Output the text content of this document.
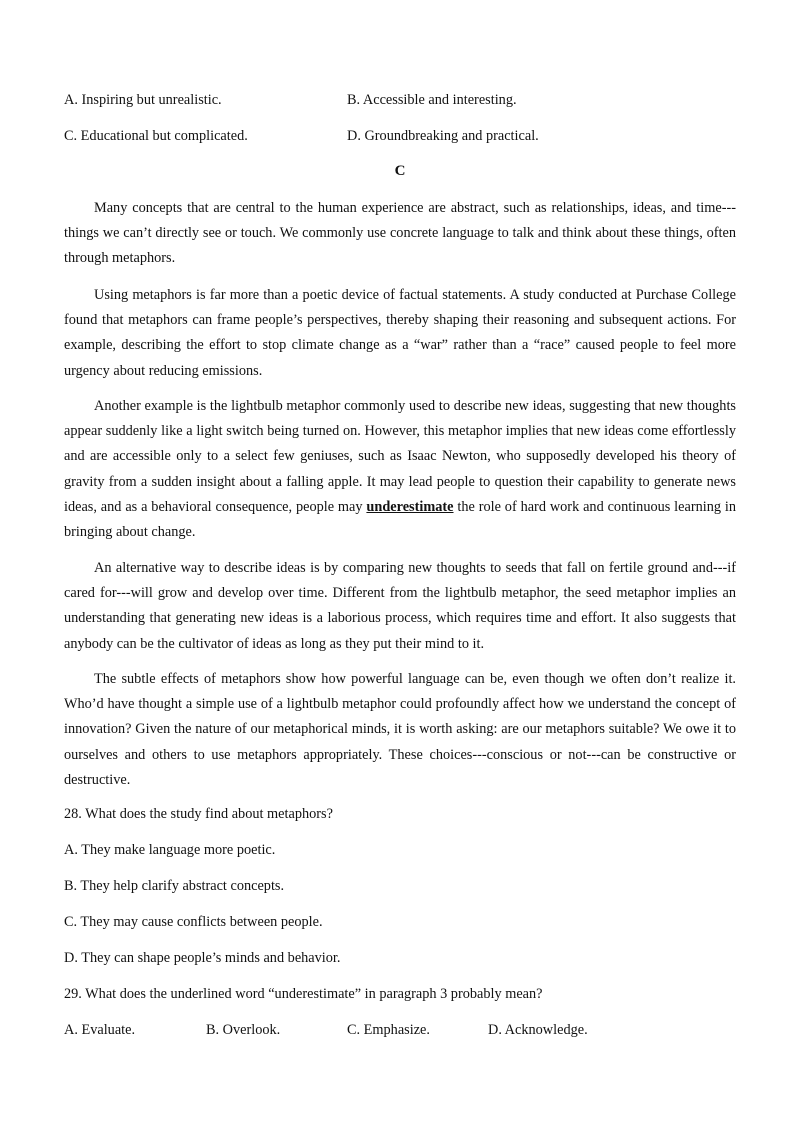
A. Inspiring but unrealistic.	B. Accessible and interesting.
C. Educational but complicated.	D. Groundbreaking and practical.
C

Many concepts that are central to the human experience are abstract, such as relationships, ideas, and time---things we can’t directly see or touch. We commonly use concrete language to talk and think about these things, often through metaphors.

Using metaphors is far more than a poetic device of factual statements. A study conducted at Purchase College found that metaphors can frame people’s perspectives, thereby shaping their reasoning and subsequent actions. For example, describing the effort to stop climate change as a “war” rather than a “race” caused people to feel more urgency about reducing emissions.

Another example is the lightbulb metaphor commonly used to describe new ideas, suggesting that new thoughts appear suddenly like a light switch being turned on. However, this metaphor implies that new ideas come effortlessly and are accessible only to a select few geniuses, such as Isaac Newton, who supposedly developed his theory of gravity from a sudden insight about a falling apple. It may lead people to question their capability to generate news ideas, and as a behavioral consequence, people may underestimate the role of hard work and continuous learning in bringing about change.

An alternative way to describe ideas is by comparing new thoughts to seeds that fall on fertile ground and---if cared for---will grow and develop over time. Different from the lightbulb metaphor, the seed metaphor implies an understanding that generating new ideas is a laborious process, which requires time and effort. It also suggests that anybody can be the cultivator of ideas as long as they put their mind to it.

The subtle effects of metaphors show how powerful language can be, even though we often don’t realize it. Who’d have thought a simple use of a lightbulb metaphor could profoundly affect how we understand the concept of innovation? Given the nature of our metaphorical minds, it is worth asking: are our metaphors suitable? We owe it to ourselves and others to use metaphors appropriately. These choices---conscious or not---can be constructive or destructive.

28. What does the study find about metaphors?
A. They make language more poetic.
B. They help clarify abstract concepts.
C. They may cause conflicts between people.
D. They can shape people’s minds and behavior.
29. What does the underlined word “underestimate” in paragraph 3 probably mean?
A. Evaluate.	B. Overlook.	C. Emphasize.	D. Acknowledge.
